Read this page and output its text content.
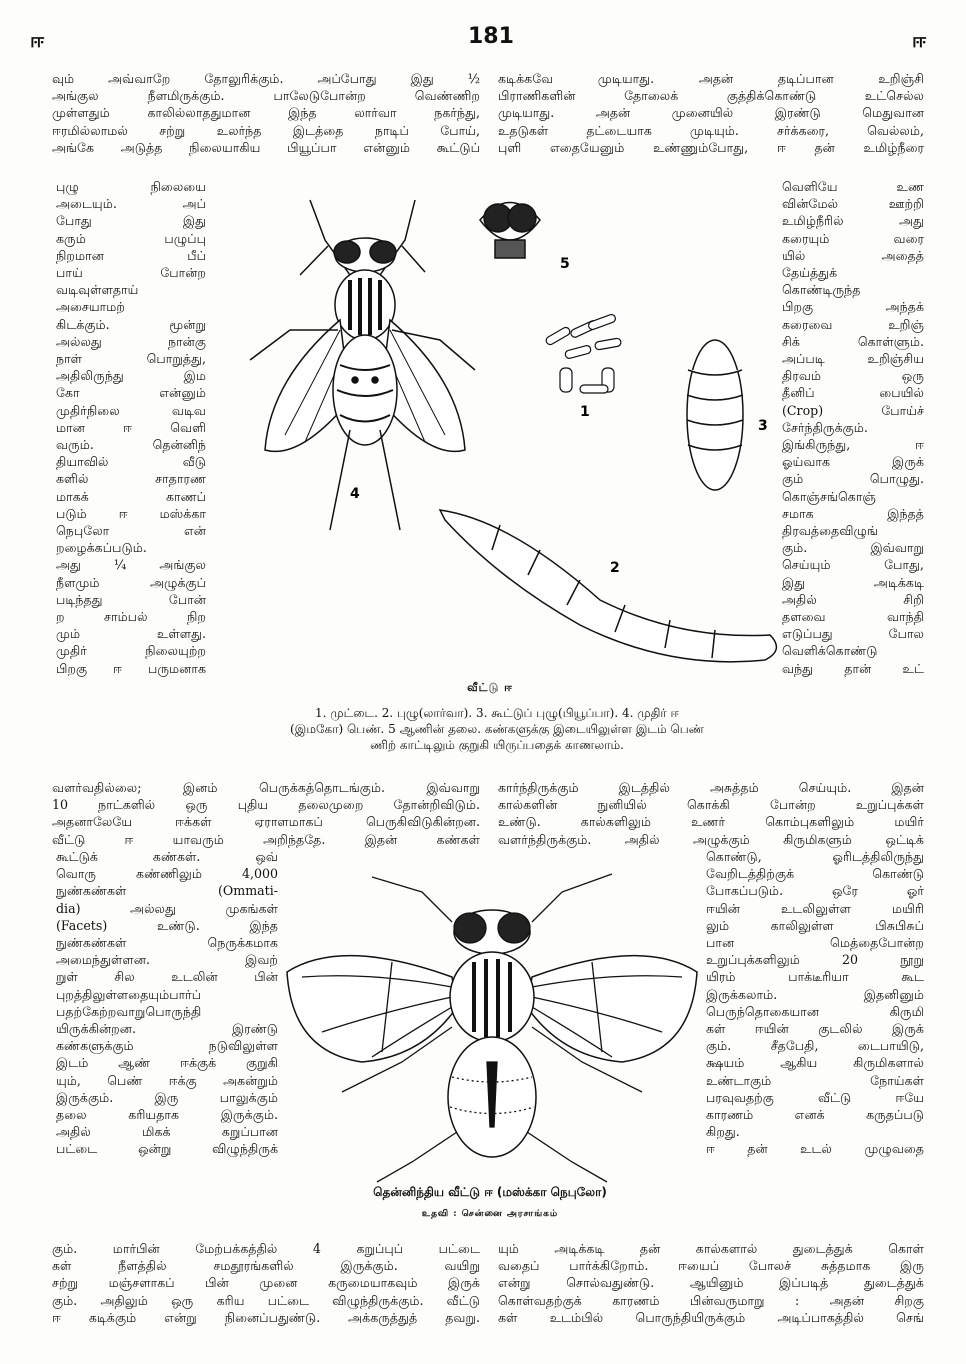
ஈ	181	ஈ

வும் அவ்வாறே தோலுரிக்கும். அப்போது இது ½

அங்குல நீளமிருக்கும். பாலேடுபோன்ற வெண்ணிற

முள்ளதும் காலில்லாததுமான இந்த லார்வா நகர்ந்து,

ஈரமில்லாமல் சற்று உலர்ந்த இடத்தை நாடிப் போய்,

அங்கே அடுத்த நிலையாகிய பியூப்பா என்னும் கூட்டுப்

கடிக்கவே முடியாது. அதன் தடிப்பான உறிஞ்சி

பிராணிகளின் தோலைக் குத்திக்கொண்டு உட்செல்ல

முடியாது. அதன் முனையில் இரண்டு மெதுவான

உதடுகள் தட்டையாக முடியும். சர்க்கரை, வெல்லம்,

புளி எதையேனும் உண்ணும்போது, ஈ தன் உமிழ்நீரை

புழு நிலையை

அடையும். அப்

போது இது

கரும் பழுப்பு

நிறமான பீப்

பாய் போன்ற

வடிவுள்ளதாய்

அசையாமற்

கிடக்கும். மூன்று

அல்லது நான்கு

நாள் பொறுத்து,

அதிலிருந்து இம

கோ என்னும்

முதிர்நிலை வடிவ

மான ஈ வெளி

வரும். தென்னிந்

தியாவில் வீடு

களில் சாதாரண

மாகக் காணப்

படும் ஈ மஸ்க்கா

நெபுலோ என்

றழைக்கப்படும்.

அது ¼ அங்குல

நீளமும் அழுக்குப்

படிந்தது போன்

ற சாம்பல் நிற

மும் உள்ளது.

முதிர் நிலையுற்ற

பிறகு ஈ பருமனாக

வெளியே உண

வின்மேல் ஊற்றி

உமிழ்நீரில் அது

கரையும் வரை

யில் அதைத்

தேய்த்துக்

கொண்டிருந்த

பிறகு அந்தக்

கரைவை உறிஞ்

சிக் கொள்ளும்.

அப்படி உறிஞ்சிய

திரவம் ஒரு

தீனிப் பையில்

(Crop) போய்ச்

சேர்ந்திருக்கும்.

இங்கிருந்து, ஈ

ஓய்வாக இருக்

கும் பொழுது.

கொஞ்சங்கொஞ்

சமாக இந்தத்

திரவத்தைவிழுங்

கும். இவ்வாறு

செய்யும் போது,

இது அடிக்கடி

அதில் சிறி

தளவை வாந்தி

எடுப்பது போல

வெளிக்கொண்டு

வந்து தான் உட்

4
5
1
3
2
வீட்டு ஈ
1. முட்டை. 2. புழு(லார்வா). 3. கூட்டுப் புழு(பியூப்பா). 4. முதிர் ஈ
(இமகோ) பெண். 5 ஆணின் தலை. கண்களுக்கு இடையிலுள்ள இடம் பெண்
ணிற் காட்டிலும் குறுகி யிருப்பதைக் காணலாம்.

வளர்வதில்லை; இனம் பெருக்கத்தொடங்கும். இவ்வாறு

10 நாட்களில் ஒரு புதிய தலைமுறை தோன்றிவிடும்.

அதனாலேயே ஈக்கள் ஏராளமாகப் பெருகிவிடுகின்றன.

வீட்டு ஈ யாவரும் அறிந்ததே. இதன் கண்கள்

கார்ந்திருக்கும் இடத்தில் அசுத்தம் செய்யும். இதன்

கால்களின் நுனியில் கொக்கி போன்ற உறுப்புக்கள்

உண்டு. கால்களிலும் உணர் கொம்புகளிலும் மயிர்

வளர்ந்திருக்கும். அதில் அழுக்கும் கிருமிகளும் ஒட்டிக்

கூட்டுக் கண்கள். ஒவ்

வொரு கண்ணிலும் 4,000

நுண்கண்கள் (Ommati-

dia) அல்லது முகங்கள்

(Facets) உண்டு. இந்த

நுண்கண்கள் நெருக்கமாக

அமைந்துள்ளன. இவற்

றுள் சில உடலின் பின்

புறத்திலுள்ளதையும்பார்ப்

பதற்கேற்றவாறுபொருந்தி

யிருக்கின்றன. இரண்டு

கண்களுக்கும் நடுவிலுள்ள

இடம் ஆண் ஈக்குக் குறுகி

யும், பெண் ஈக்கு அகன்றும்

இருக்கும். இரு பாலுக்கும்

தலை கரியதாக இருக்கும்.

அதில் மிகக் கறுப்பான

பட்டை ஒன்று விழுந்திருக்

கொண்டு, ஓரிடத்திலிருந்து

வேறிடத்திற்குக் கொண்டு

போகப்படும். ஒரே ஓர்

ஈயின் உடலிலுள்ள மயிரி

லும் காலிலுள்ள பிசுபிசுப்

பான மெத்தைபோன்ற

உறுப்புக்களிலும் 20 நூறு

யிரம் பாக்டீரியா கூட

இருக்கலாம். இதனினும்

பெருந்தொகையான கிருமி

கள் ஈயின் குடலில் இருக்

கும். சீதபேதி, டைபாயிடு,

க்ஷயம் ஆகிய கிருமிகளால்

உண்டாகும் நோய்கள்

பரவுவதற்கு வீட்டு ஈயே

காரணம் எனக் கருதப்படு

கிறது.

ஈ தன் உடல் முழுவதை

தென்னிந்திய வீட்டு ஈ (மஸ்க்கா நெபுலோ)
உதவி : சென்னை அரசாங்கம்

கும். மார்பின் மேற்பக்கத்தில் 4 கறுப்புப் பட்டை

கள் நீளத்தில் சமதூரங்களில் இருக்கும். வயிறு

சற்று மஞ்சளாகப் பின் முனை கருமையாகவும் இருக்

கும். அதிலும் ஒரு கரிய பட்டை விழுந்திருக்கும். வீட்டு

ஈ கடிக்கும் என்று நினைப்பதுண்டு. அக்கருத்துத் தவறு.

யும் அடிக்கடி தன் கால்களால் துடைத்துக் கொள்

வதைப் பார்க்கிறோம். ஈயைப் போலச் சுத்தமாக இரு

என்று சொல்வதுண்டு. ஆயினும் இப்படித் துடைத்துக்

கொள்வதற்குக் காரணம் பின்வருமாறு : அதன் சிறகு

கள் உடம்பில் பொருந்தியிருக்கும் அடிப்பாகத்தில் செங்
